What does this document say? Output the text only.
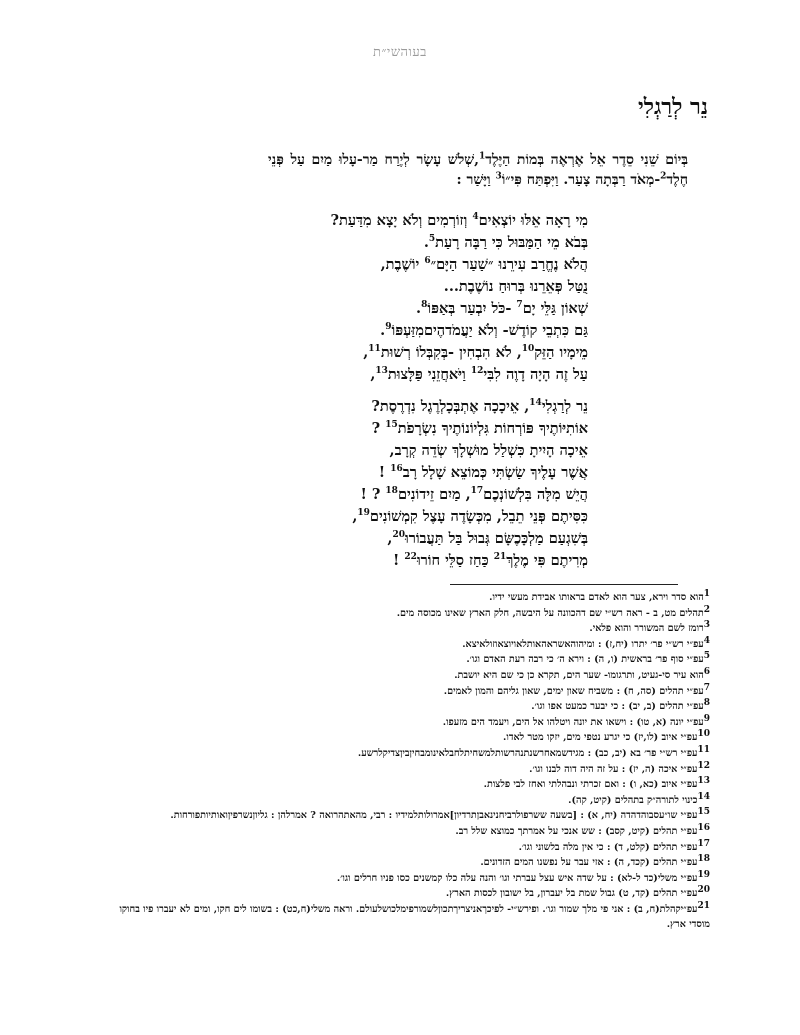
בעוהשי״ת
נֵר לְרַגְלִי
בְּיוֹם שֵׁנִי סֵדֶר אֵל אֶרְאֶה בְּמוֹת הַיֶּלֶד$^1$,שְׁלֹשׁ עָשָׂר לְיֶרַח מַר-עָלוּ מַיִם עַל פְּנֵי חֶלֶד$^2$-מְאֹד רַבְּתָה צָעַר. וַיִּפְתַּח פִּי״וֹ$^3$ וַיָּשַׁר :
מִי רָאָה אֵלּוּ יוֹצְאִים$^4$ וְזוֹרְמִים וְלֹא יָצָא מִדַּעַת?
בְּבֹא מֵי הַמַּבּוּל כִּי רַבָּה רָעַת$^5$.
הֲלֹא נֶחֱרַב עִירֵנוּ ״שַׁעַר הַיָּם״$^6$ יוֹשֶׁבֶת,
נֻטַּל פְּאֵרֵנוּ בְּרוּחַ נוֹשֶׁבֶת...
שְׁאוֹן גַּלֵּי יָם$^7$ -כֹּל יִבְעַר בְּאַפּוֹ$^8$.
גַּם כִּתְבֵי קוֹדֶשׁ- וְלֹא יַעֲמֹדהֶיםמִזַּעְפּוֹ$^9$.
מֵימָיו הַזֵּק$^{10}$, לֹא הִבְחִין -בְּקִבְּלוֹ רְשׁוּת$^{11}$,
עַל זֶה הָיָה דָוֶה לִבִּי$^{12}$ וַיֹּאחֲזֵנִי פַּלָּצוּת$^{13}$,
נֵר לְרַגְלִי$^{14}$, אֵיכָכָה אֶתְבְּכָלְרֶגֶל נִדְרֶסֶת?
אוֹתִיּוֹתֶיךָ פּוֹרְחוֹת גִּלְיוֹנוֹתֶיךָ נִשְׂרָפֹת$^{15}$ ?
אֵיכָה הָיִיתָ כִּשְׁלַל מוּשְׁלָךְ שְׂדֵה קְרָב,
אֲשֶׁר עָלֶיךָ שַׂשְׂתִּי כְּמוֹצֵא שָׁלָל רָב$^{16}$ !
הֲיֵשׁ מִלָּה בִּלְשׁוֹנְכֶם$^{17}$, מַיִם זֵידוֹנִים$^{18}$ ? !
כִּסִּיתֶם פְּנֵי תֵבֵל, מִכְּשָׂדֶה עָצֶל קִמְשׁוֹנִים$^{19}$,
בְּשִׁגְעַם מַלְכָּכֶשָּׂם גְּבוּל בַּל תַּעֲבוֹרוּ$^{20}$,
מְרִיתֶם פִּי מֶלֶךְ$^{21}$ כַּחַז סַלֵּי חוֹרוּ$^{22}$ !
$^1$הוא סדר וירא, צער הוא לאדם בראותו אבידת מעשי ידיו.
$^2$תהלים מט, ב - ראה רש״י שם דהכוונה על היבשה, חלק הארץ שאינו מכוסה מים.
$^3$רומז לשם המשורר והוא פלאי.
$^4$עפ״י רש״י פר׳ יתרו (יח,ז) : ומיהוהאשראהאותלאויוצאוזולאיצא.
$^5$עפ״י סוף פר׳ בראשית (ו, ה) : וירא ה׳ כי רבה רעת האדם וגו׳.
$^6$הוא עיר סי-געיט, ותרגומו- שער הים, תקרא כן כי שם היא יושבת.
$^7$עפ״י תהלים (סה, ח) : משביח שאון ימים, שאון גליהם והמון לאמים.
$^8$עפ״י תהלים (ב, יב) : כי יבער כמעט אפו וגו׳.
$^9$עפ״י יונה (א, טו) : וישאו את יונה ויטלהו אל הים, ויעמד הים מזעפו.
$^{10}$עפ״י איוב (לו,יז) כי יגרע נטפי מים, יזקו מטר לאדו.
$^{11}$עפ״י רש״י פר׳ בא (יב, כב) : מגידשמאחרשנתנהרשותלמשחיתלחבלאינומבחיןביןצדיקלרשע.
$^{12}$עפ״י איכה (ה, יז) : על זה היה דוה לבנו וגו׳.
$^{13}$עפ״י איוב (כא, ו) : ואם זכרתי ונבהלתי ואחז לבי פלצות.
$^{14}$כינוי לתורה״ק בתהלים (קיט, קה).
$^{15}$עפ״י שו״עסבוהדהדה (יח, א) : [בשעה ששרפולרביחנינאבןתרדיון]אמרולותלמידיו : רבי, מהאתהרואה ? אמרלהן : גליוןנשרפיןואותיותפורחות.
$^{16}$עפ״י תהלים (קיט, קסב) : שש אנכי על אמרתך כמוצא שלל רב.
$^{17}$עפ״י תהלים (קלט, ד) : כי אין מלה בלשוני וגו׳.
$^{18}$עפ״י תהלים (קכד, ה) : אזי עבר על נפשנו המים הזדונים.
$^{19}$עפ״י משלי(כד ל-לא) : על שדה איש עצל עברתי וגו׳ והנה עלה כלו קמשנים כסו פניו חרלים וגו׳.
$^{20}$עפ״י תהלים (קד, ט) גבול שמת בל יעברון, בל ישובון לכסות הארץ.
$^{21}$עפ״יקהלת(ח, ב) : אני פי מלך שמור וגו׳. ופירש״י- לפיכךאניצריךתכוןלשמורפימלכושלעולם. וראה משלי(ח,כט) : בשומו לים חקו, ומים לא יעברו פיו בחוקו מוסדי ארץ.
